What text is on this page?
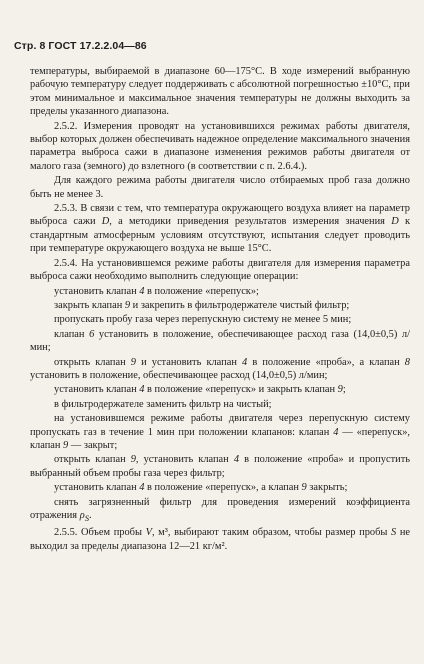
Стр. 8 ГОСТ 17.2.2.04—86

температуры, выбираемой в диапазоне 60—175°С. В ходе измерений выбранную рабочую температуру следует поддерживать с абсолютной погрешностью ±10°С, при этом минимальное и максимальное значения температуры не должны выходить за пределы указанного диапазона.

2.5.2. Измерения проводят на установившихся режимах работы двигателя, выбор которых должен обеспечивать надежное определение максимального значения параметра выброса сажи в диапазоне изменения режимов работы двигателя от малого газа (земного) до взлетного (в соответствии с п. 2.6.4.).

Для каждого режима работы двигателя число отбираемых проб газа должно быть не менее 3.

2.5.3. В связи с тем, что температура окружающего воздуха влияет на параметр выброса сажи D, а методики приведения результатов измерения значения D к стандартным атмосферным условиям отсутствуют, испытания следует проводить при температуре окружающего воздуха не выше 15°С.

2.5.4. На установившемся режиме работы двигателя для измерения параметра выброса сажи необходимо выполнить следующие операции:

установить клапан 4 в положение «перепуск»;

закрыть клапан 9 и закрепить в фильтродержателе чистый фильтр;

пропускать пробу газа через перепускную систему не менее 5 мин;

клапан 6 установить в положение, обеспечивающее расход газа (14,0±0,5) л/мин;

открыть клапан 9 и установить клапан 4 в положение «проба», а клапан 8 установить в положение, обеспечивающее расход (14,0±0,5) л/мин;

установить клапан 4 в положение «перепуск» и закрыть клапан 9;

в фильтродержателе заменить фильтр на чистый;

на установившемся режиме работы двигателя через перепускную систему пропускать газ в течение 1 мин при положении клапанов: клапан 4 — «перепуск», клапан 9 — закрыт;

открыть клапан 9, установить клапан 4 в положение «проба» и пропустить выбранный объем пробы газа через фильтр;

установить клапан 4 в положение «перепуск», а клапан 9 закрыть;

снять загрязненный фильтр для проведения измерений коэффициента отражения $\rho_S$.

2.5.5. Объем пробы V, м³, выбирают таким образом, чтобы размер пробы S не выходил за пределы диапазона 12—21 кг/м².
